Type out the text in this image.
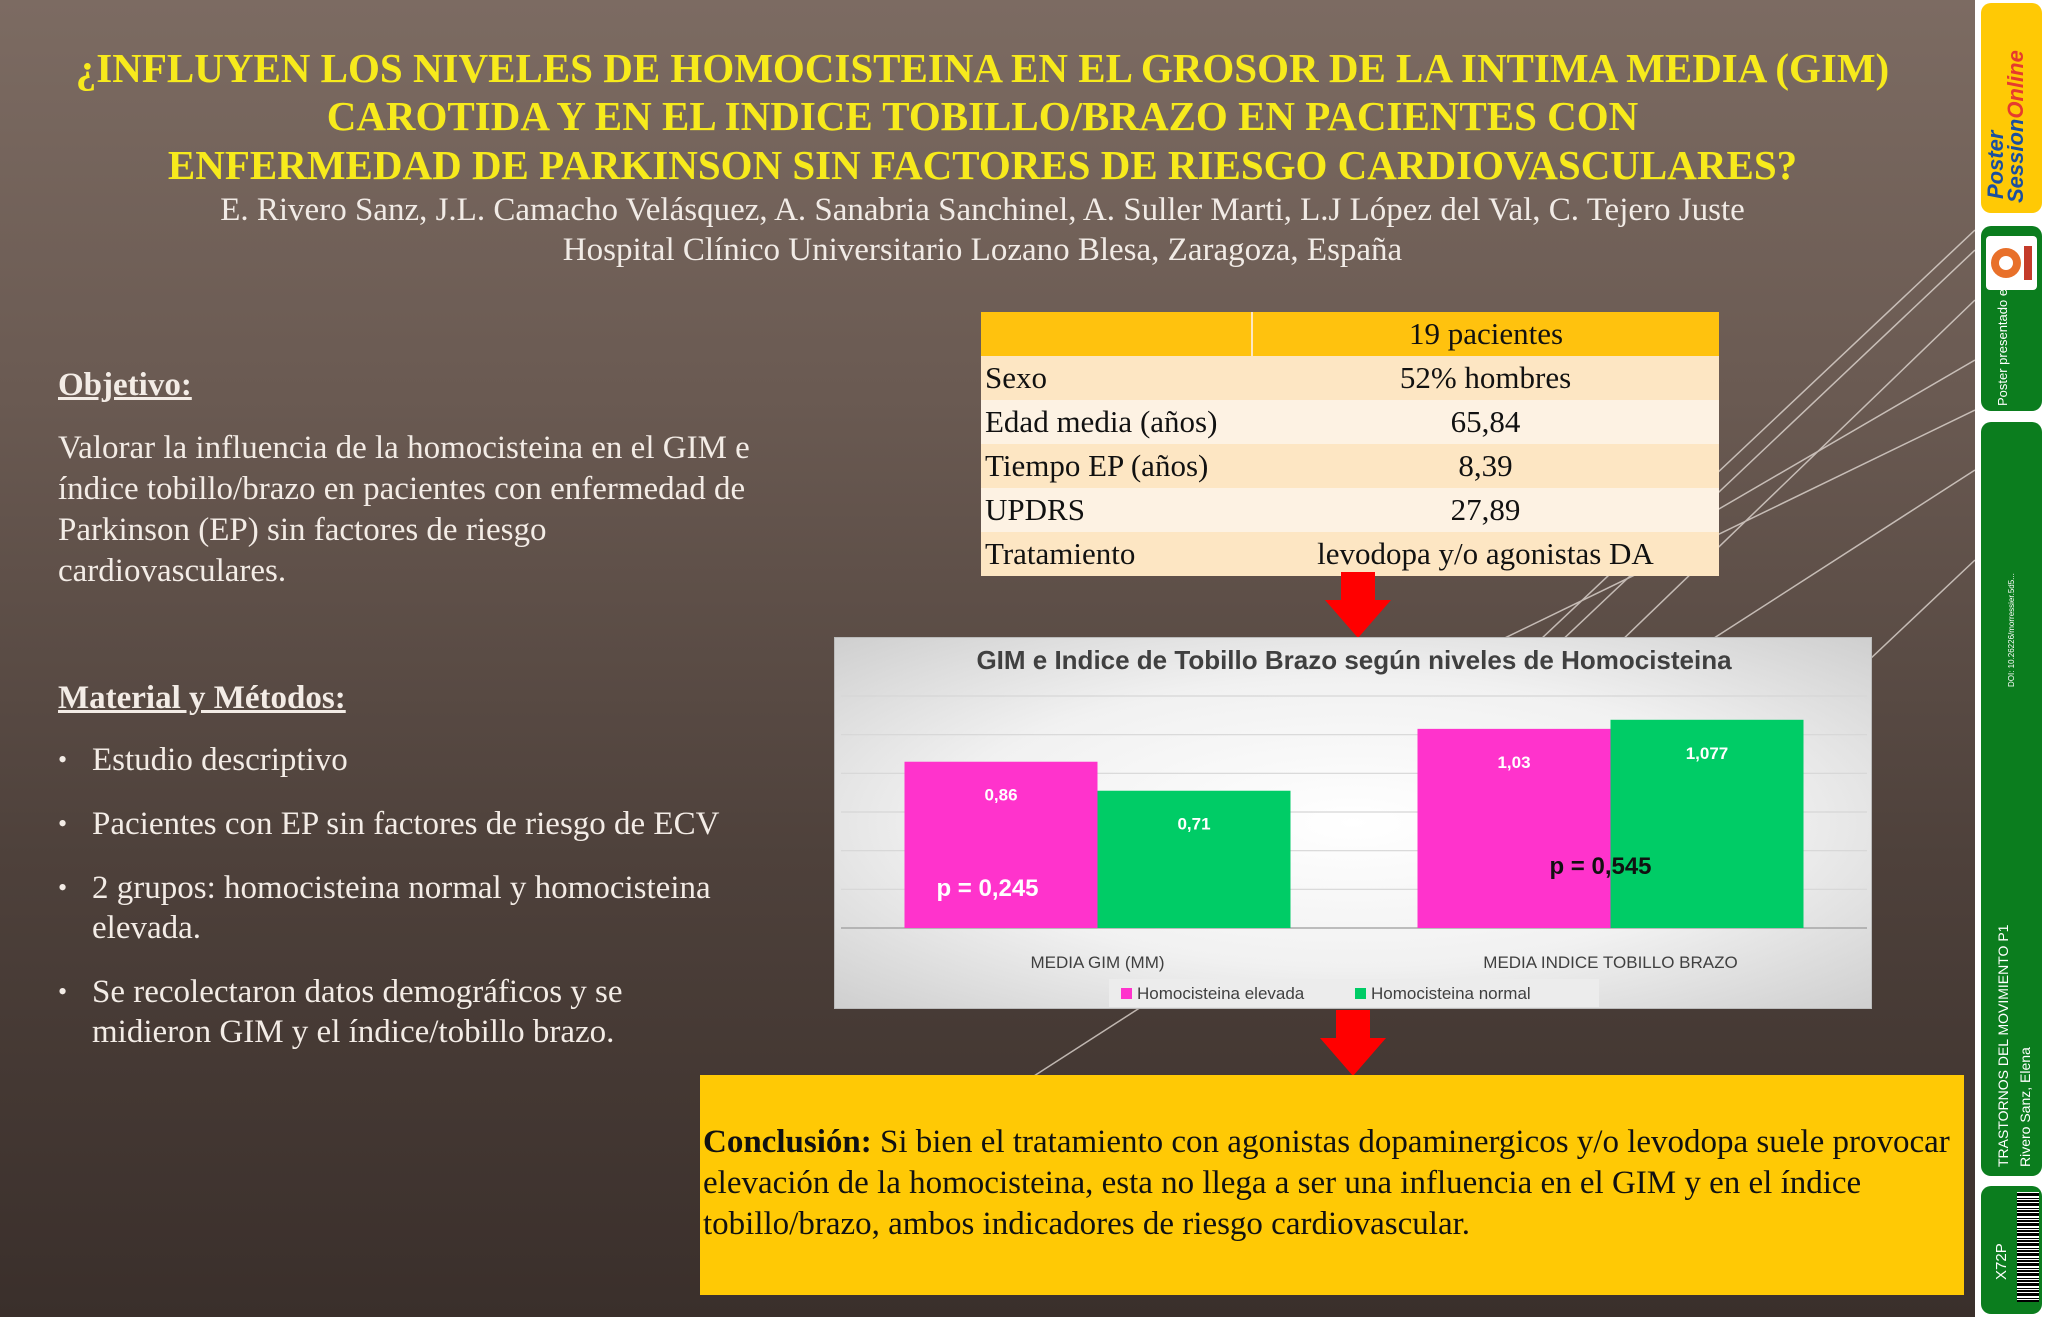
¿INFLUYEN LOS NIVELES DE HOMOCISTEINA EN EL GROSOR DE LA INTIMA MEDIA (GIM)
CAROTIDA Y EN EL INDICE TOBILLO/BRAZO EN PACIENTES CON
ENFERMEDAD DE PARKINSON SIN FACTORES DE RIESGO CARDIOVASCULARES?
E. Rivero Sanz, J.L. Camacho Velásquez, A. Sanabria Sanchinel, A. Suller Marti, L.J López del Val, C. Tejero Juste
Hospital Clínico Universitario Lozano Blesa, Zaragoza, España
Objetivo:
Valorar la influencia de la homocisteina en el GIM e índice tobillo/brazo en pacientes con enfermedad de Parkinson (EP) sin factores de riesgo cardiovasculares.
Material y Métodos:
• Estudio descriptivo
• Pacientes con EP sin factores de riesgo de ECV
• 2 grupos: homocisteina normal y homocisteina elevada.
• Se recolectaron datos demográficos y se midieron GIM y el índice/tobillo brazo.
	19 pacientes
Sexo	52% hombres
Edad media (años)	65,84
Tiempo EP (años)	8,39
UPDRS	27,89
Tratamiento	levodopa y/o agonistas DA
GIM e Indice de Tobillo Brazo según niveles de Homocisteina
0,86
0,71
MEDIA GIM (MM)
p = 0,245
1,03	1,077
MEDIA INDICE TOBILLO BRAZO
p = 0,545
Homocisteina elevada	Homocisteina normal
Conclusión: Si bien el tratamiento con agonistas dopaminergicos y/o levodopa suele provocar elevación de la homocisteina, esta no llega a ser una influencia en el GIM y en el índice tobillo/brazo, ambos indicadores de riesgo cardiovascular.
Poster
SessionOnline
Poster presentado en:
DOI: 10.26226/morressier.5d5...
TRASTORNOS DEL MOVIMIENTO P1 Rivero Sanz, Elena
X72P
